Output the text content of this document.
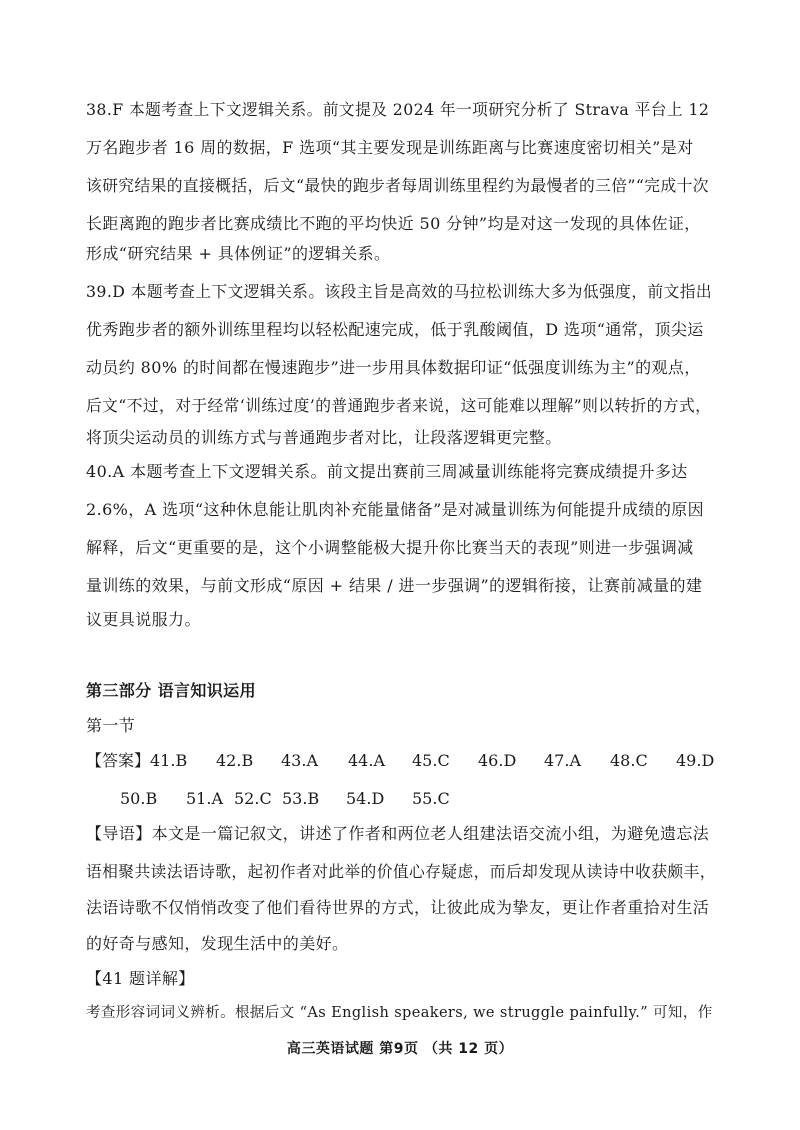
38.F 本题考查上下文逻辑关系。前文提及 2024 年一项研究分析了 Strava 平台上 12
万名跑步者 16 周的数据，F 选项“其主要发现是训练距离与比赛速度密切相关”是对
该研究结果的直接概括，后文“最快的跑步者每周训练里程约为最慢者的三倍”“完成十次
长距离跑的跑步者比赛成绩比不跑的平均快近 50 分钟”均是对这一发现的具体佐证，
形成“研究结果 + 具体例证”的逻辑关系。
39.D 本题考查上下文逻辑关系。该段主旨是高效的马拉松训练大多为低强度，前文指出
优秀跑步者的额外训练里程均以轻松配速完成，低于乳酸阈值，D 选项“通常，顶尖运
动员约 80% 的时间都在慢速跑步”进一步用具体数据印证“低强度训练为主”的观点，
后文“不过，对于经常‘训练过度’的普通跑步者来说，这可能难以理解”则以转折的方式，
将顶尖运动员的训练方式与普通跑步者对比，让段落逻辑更完整。
40.A 本题考查上下文逻辑关系。前文提出赛前三周减量训练能将完赛成绩提升多达
2.6%，A 选项“这种休息能让肌肉补充能量储备”是对减量训练为何能提升成绩的原因
解释，后文“更重要的是，这个小调整能极大提升你比赛当天的表现”则进一步强调减
量训练的效果，与前文形成“原因 + 结果 / 进一步强调”的逻辑衔接，让赛前减量的建
议更具说服力。
第三部分 语言知识运用
第一节
【答案】 41.B 42.B 43.A 44.A 45.C 46.D 47.A 48.C 49.D
50.B 51.A 52.C 53.B 54.D 55.C
【导语】本文是一篇记叙文，讲述了作者和两位老人组建法语交流小组，为避免遗忘法
语相聚共读法语诗歌，起初作者对此举的价值心存疑虑，而后却发现从读诗中收获颇丰，
法语诗歌不仅悄悄改变了他们看待世界的方式，让彼此成为挚友，更让作者重拾对生活
的好奇与感知，发现生活中的美好。
【41 题详解】
考查形容词词义辨析。根据后文 “As English speakers, we struggle painfully.” 可知，作
高三英语试题 第9页 （共 12 页）
